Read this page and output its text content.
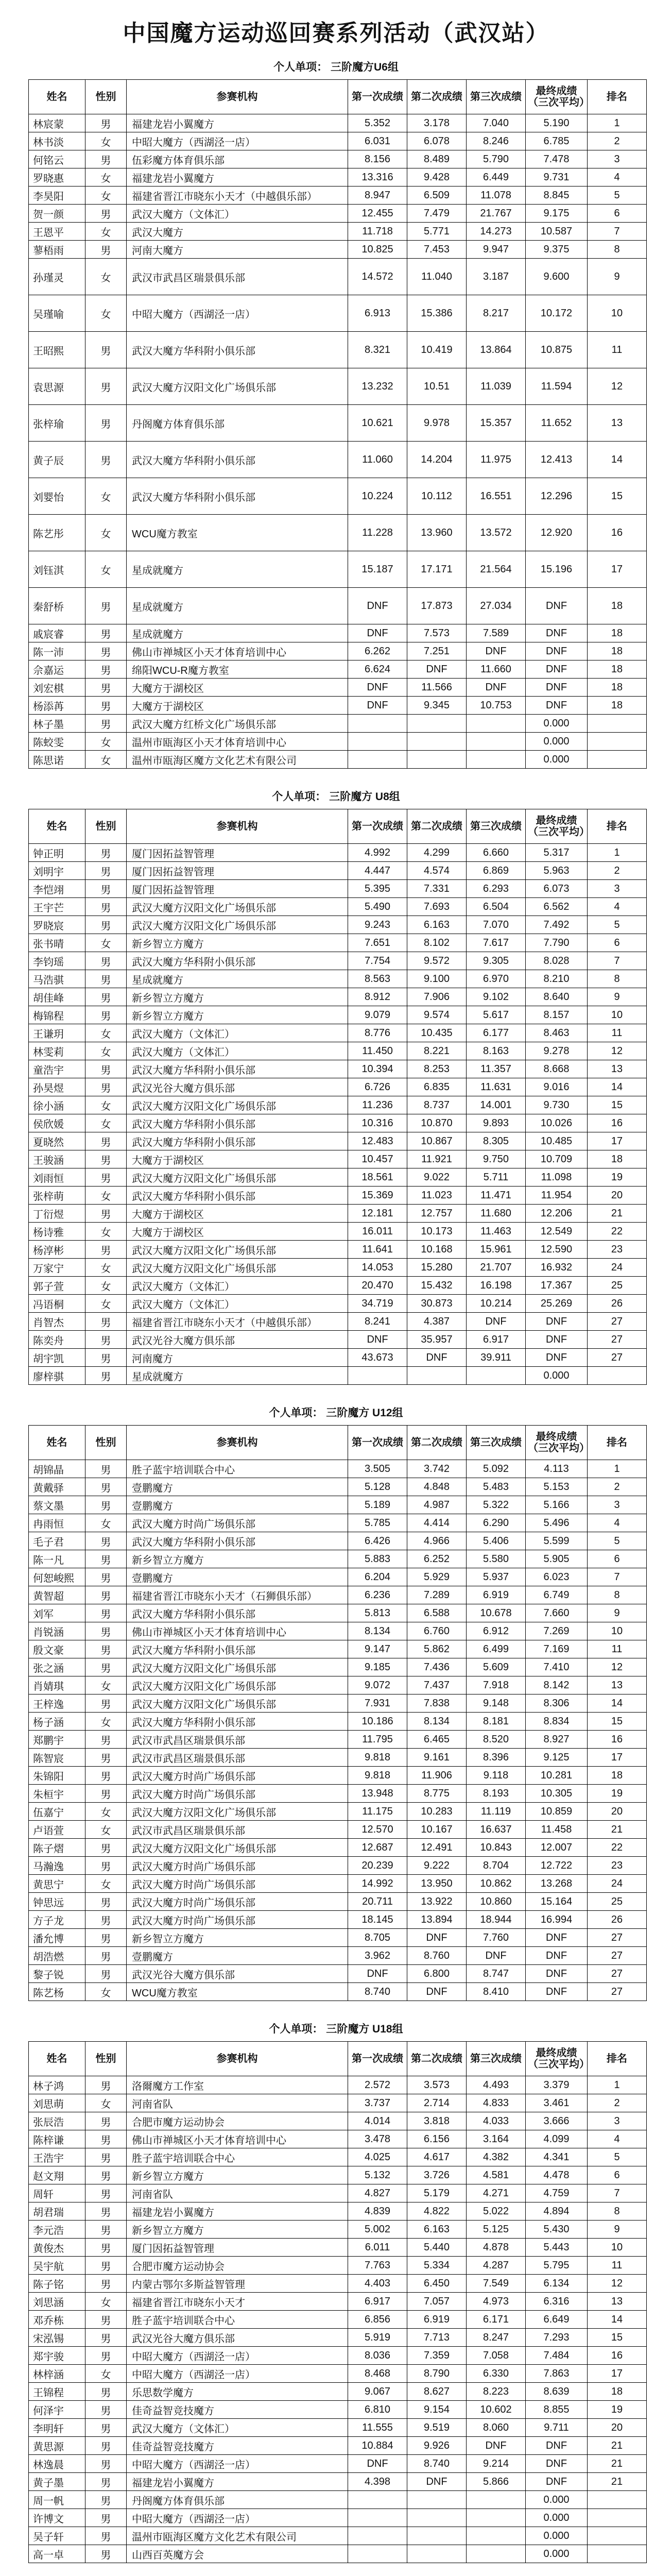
中国魔方运动巡回赛系列活动（武汉站）
个人单项： 三阶魔方U6组
姓名	性别	参赛机构	第一次成绩	第二次成绩	第三次成绩	最终成绩（三次平均）	排名
林宸蒙	男	福建龙岩小翼魔方	5.352	3.178	7.040	5.190	1
林书淡	女	中昭大魔方（西湖泾一店）	6.031	6.078	8.246	6.785	2
何铭云	男	伍彩魔方体育俱乐部	8.156	8.489	5.790	7.478	3
罗晓惠	女	福建龙岩小翼魔方	13.316	9.428	6.449	9.731	4
李昊阳	女	福建省晋江市晓东小天才（中越俱乐部）	8.947	6.509	11.078	8.845	5
贺一颜	男	武汉大魔方（文体汇）	12.455	7.479	21.767	9.175	6
王恩平	女	武汉大魔方	11.718	5.771	14.273	10.587	7
蓼梧雨	男	河南大魔方	10.825	7.453	9.947	9.375	8
孙瑾灵	女	武汉市武昌区瑞景俱乐部	14.572	11.040	3.187	9.600	9
吴瑾喻	女	中昭大魔方（西湖泾一店）	6.913	15.386	8.217	10.172	10
王昭熙	男	武汉大魔方华科附小俱乐部	8.321	10.419	13.864	10.875	11
袁思源	男	武汉大魔方汉阳文化广场俱乐部	13.232	10.51	11.039	11.594	12
张梓瑜	男	丹阁魔方体育俱乐部	10.621	9.978	15.357	11.652	13
黄子辰	男	武汉大魔方华科附小俱乐部	11.060	14.204	11.975	12.413	14
刘婴怡	女	武汉大魔方华科附小俱乐部	10.224	10.112	16.551	12.296	15
陈艺彤	女	WCU魔方教室	11.228	13.960	13.572	12.920	16
刘钰淇	女	星成就魔方	15.187	17.171	21.564	15.196	17
秦舒桥	男	星成就魔方	DNF	17.873	27.034	DNF	18
戚宸睿	男	星成就魔方	DNF	7.573	7.589	DNF	18
陈一沛	男	佛山市禅城区小天才体育培训中心	6.262	7.251	DNF	DNF	18
佘嘉运	男	绵阳WCU-R魔方教室	6.624	DNF	11.660	DNF	18
刘宏棋	男	大魔方于湖校区	DNF	11.566	DNF	DNF	18
杨添苒	男	大魔方于湖校区	DNF	9.345	10.753	DNF	18
林子墨	男	武汉大魔方红桥文化广场俱乐部				0.000	
陈蛟雯	女	温州市瓯海区小天才体育培训中心				0.000	
陈思诺	女	温州市瓯海区魔方文化艺术有限公司				0.000	
个人单项： 三阶魔方 U8组
姓名	性别	参赛机构	第一次成绩	第二次成绩	第三次成绩	最终成绩（三次平均）	排名
钟正明	男	厦门因拓益智管理	4.992	4.299	6.660	5.317	1
刘明宇	男	厦门因拓益智管理	4.447	4.574	6.869	5.963	2
李恺翊	男	厦门因拓益智管理	5.395	7.331	6.293	6.073	3
王宇芒	男	武汉大魔方汉阳文化广场俱乐部	5.490	7.693	6.504	6.562	4
罗晓宸	男	武汉大魔方汉阳文化广场俱乐部	9.243	6.163	7.070	7.492	5
张书晴	女	新乡智立方魔方	7.651	8.102	7.617	7.790	6
李钧瑶	男	武汉大魔方华科附小俱乐部	7.754	9.572	9.305	8.028	7
马浩骐	男	星成就魔方	8.563	9.100	6.970	8.210	8
胡佳峰	男	新乡智立方魔方	8.912	7.906	9.102	8.640	9
梅锦程	男	新乡智立方魔方	9.079	9.574	5.617	8.157	10
王谦玥	女	武汉大魔方（文体汇）	8.776	10.435	6.177	8.463	11
林雯莉	女	武汉大魔方（文体汇）	11.450	8.221	8.163	9.278	12
童浩宇	男	武汉大魔方华科附小俱乐部	10.394	8.253	11.357	8.668	13
孙昊煜	男	武汉光谷大魔方俱乐部	6.726	6.835	11.631	9.016	14
徐小涵	女	武汉大魔方汉阳文化广场俱乐部	11.236	8.737	14.001	9.730	15
侯欣媛	女	武汉大魔方华科附小俱乐部	10.316	10.870	9.893	10.026	16
夏晓然	男	武汉大魔方华科附小俱乐部	12.483	10.867	8.305	10.485	17
王骏涵	男	大魔方于湖校区	10.457	11.921	9.750	10.709	18
刘雨恒	男	武汉大魔方汉阳文化广场俱乐部	18.561	9.022	5.711	11.098	19
张梓萌	女	武汉大魔方华科附小俱乐部	15.369	11.023	11.471	11.954	20
丁衍煜	男	大魔方于湖校区	12.181	12.757	11.680	12.206	21
杨诗雅	女	大魔方于湖校区	16.011	10.173	11.463	12.549	22
杨淳彬	男	武汉大魔方汉阳文化广场俱乐部	11.641	10.168	15.961	12.590	23
万家宁	女	武汉大魔方汉阳文化广场俱乐部	14.053	15.280	21.707	16.932	24
郭子萱	女	武汉大魔方（文体汇）	20.470	15.432	16.198	17.367	25
冯语桐	女	武汉大魔方（文体汇）	34.719	30.873	10.214	25.269	26
肖智杰	男	福建省晋江市晓东小天才（中越俱乐部）	8.241	4.387	DNF	DNF	27
陈奕舟	男	武汉光谷大魔方俱乐部	DNF	35.957	6.917	DNF	27
胡宇凯	男	河南魔方	43.673	DNF	39.911	DNF	27
廖梓骐	男	星成就魔方				0.000	
个人单项： 三阶魔方 U12组
姓名	性别	参赛机构	第一次成绩	第二次成绩	第三次成绩	最终成绩（三次平均）	排名
胡锦晶	男	胜子蓝宇培训联合中心	3.505	3.742	5.092	4.113	1
黄戴驿	男	壹鹏魔方	5.128	4.848	5.483	5.153	2
蔡文墨	男	壹鹏魔方	5.189	4.987	5.322	5.166	3
冉雨恒	女	武汉大魔方时尚广场俱乐部	5.785	4.414	6.290	5.496	4
毛子君	男	武汉大魔方华科附小俱乐部	6.426	4.966	5.406	5.599	5
陈一凡	男	新乡智立方魔方	5.883	6.252	5.580	5.905	6
何恕峻熙	男	壹鹏魔方	6.204	5.929	5.937	6.023	7
黄智超	男	福建省晋江市晓东小天才（石狮俱乐部）	6.236	7.289	6.919	6.749	8
刘军	男	武汉大魔方华科附小俱乐部	5.813	6.588	10.678	7.660	9
肖锐涵	男	佛山市禅城区小天才体育培训中心	8.134	6.760	6.912	7.269	10
殷文豪	男	武汉大魔方华科附小俱乐部	9.147	5.862	6.499	7.169	11
张之涵	男	武汉大魔方汉阳文化广场俱乐部	9.185	7.436	5.609	7.410	12
肖婧琪	女	武汉大魔方汉阳文化广场俱乐部	9.072	7.437	7.918	8.142	13
王梓逸	男	武汉大魔方汉阳文化广场俱乐部	7.931	7.838	9.148	8.306	14
杨子涵	女	武汉大魔方华科附小俱乐部	10.186	8.134	8.181	8.834	15
郑鹏宇	男	武汉市武昌区瑞景俱乐部	11.795	6.465	8.520	8.927	16
陈智宸	男	武汉市武昌区瑞景俱乐部	9.818	9.161	8.396	9.125	17
朱锦阳	男	武汉大魔方时尚广场俱乐部	9.818	11.906	9.118	10.281	18
朱桓宇	男	武汉大魔方时尚广场俱乐部	13.948	8.775	8.193	10.305	19
伍嘉宁	女	武汉大魔方汉阳文化广场俱乐部	11.175	10.283	11.119	10.859	20
卢语萱	女	武汉市武昌区瑞景俱乐部	12.570	10.167	16.637	11.458	21
陈子熠	男	武汉大魔方汉阳文化广场俱乐部	12.687	12.491	10.843	12.007	22
马瀚逸	男	武汉大魔方时尚广场俱乐部	20.239	9.222	8.704	12.722	23
黄思宁	女	武汉大魔方时尚广场俱乐部	14.992	13.950	10.862	13.268	24
钟思远	男	武汉大魔方时尚广场俱乐部	20.711	13.922	10.860	15.164	25
方子龙	男	武汉大魔方时尚广场俱乐部	18.145	13.894	18.944	16.994	26
潘允博	男	新乡智立方魔方	8.705	DNF	7.760	DNF	27
胡浩燃	男	壹鹏魔方	3.962	8.760	DNF	DNF	27
黎子锐	男	武汉光谷大魔方俱乐部	DNF	6.800	8.747	DNF	27
陈艺杨	女	WCU魔方教室	8.740	DNF	8.410	DNF	27
个人单项： 三阶魔方 U18组
姓名	性别	参赛机构	第一次成绩	第二次成绩	第三次成绩	最终成绩（三次平均）	排名
林子鸿	男	洛爾魔方工作室	2.572	3.573	4.493	3.379	1
刘思萌	女	河南省队	3.737	2.714	4.833	3.461	2
张辰浩	男	合肥市魔方运动协会	4.014	3.818	4.033	3.666	3
陈梓谦	男	佛山市禅城区小天才体育培训中心	3.478	6.156	3.164	4.099	4
王浩宇	男	胜子蓝宇培训联合中心	4.025	4.617	4.382	4.341	5
赵文翔	男	新乡智立方魔方	5.132	3.726	4.581	4.478	6
周轩	男	河南省队	4.827	5.179	4.271	4.759	7
胡君瑞	男	福建龙岩小翼魔方	4.839	4.822	5.022	4.894	8
李元浩	男	新乡智立方魔方	5.002	6.163	5.125	5.430	9
黄俊杰	男	厦门因拓益智管理	6.011	5.440	4.878	5.443	10
吴宇航	男	合肥市魔方运动协会	7.763	5.334	4.287	5.795	11
陈子铭	男	内蒙古鄂尔多斯益智管理	4.403	6.450	7.549	6.134	12
刘思涵	女	福建省晋江市晓东小天才	6.917	7.057	4.973	6.316	13
邓乔栋	男	胜子蓝宇培训联合中心	6.856	6.919	6.171	6.649	14
宋泓锡	男	武汉光谷大魔方俱乐部	5.919	7.713	8.247	7.293	15
郑宇骏	男	中昭大魔方（西湖泾一店）	8.036	7.359	7.058	7.484	16
林梓涵	女	中昭大魔方（西湖泾一店）	8.468	8.790	6.330	7.863	17
王锦程	男	乐思数学魔方	9.067	8.627	8.223	8.639	18
何泽宇	男	佳奇益智竞技魔方	6.810	9.154	10.602	8.855	19
李明轩	男	武汉大魔方（文体汇）	11.555	9.519	8.060	9.711	20
黄思源	男	佳奇益智竞技魔方	10.884	9.926	DNF	DNF	21
林逸晨	男	中昭大魔方（西湖泾一店）	DNF	8.740	9.214	DNF	21
黄子墨	男	福建龙岩小翼魔方	4.398	DNF	5.866	DNF	21
周一帆	男	丹阁魔方体育俱乐部				0.000	
许博文	男	中昭大魔方（西湖泾一店）				0.000	
吴子轩	男	温州市瓯海区魔方文化艺术有限公司				0.000	
高一卓	男	山西百英魔方会				0.000	
